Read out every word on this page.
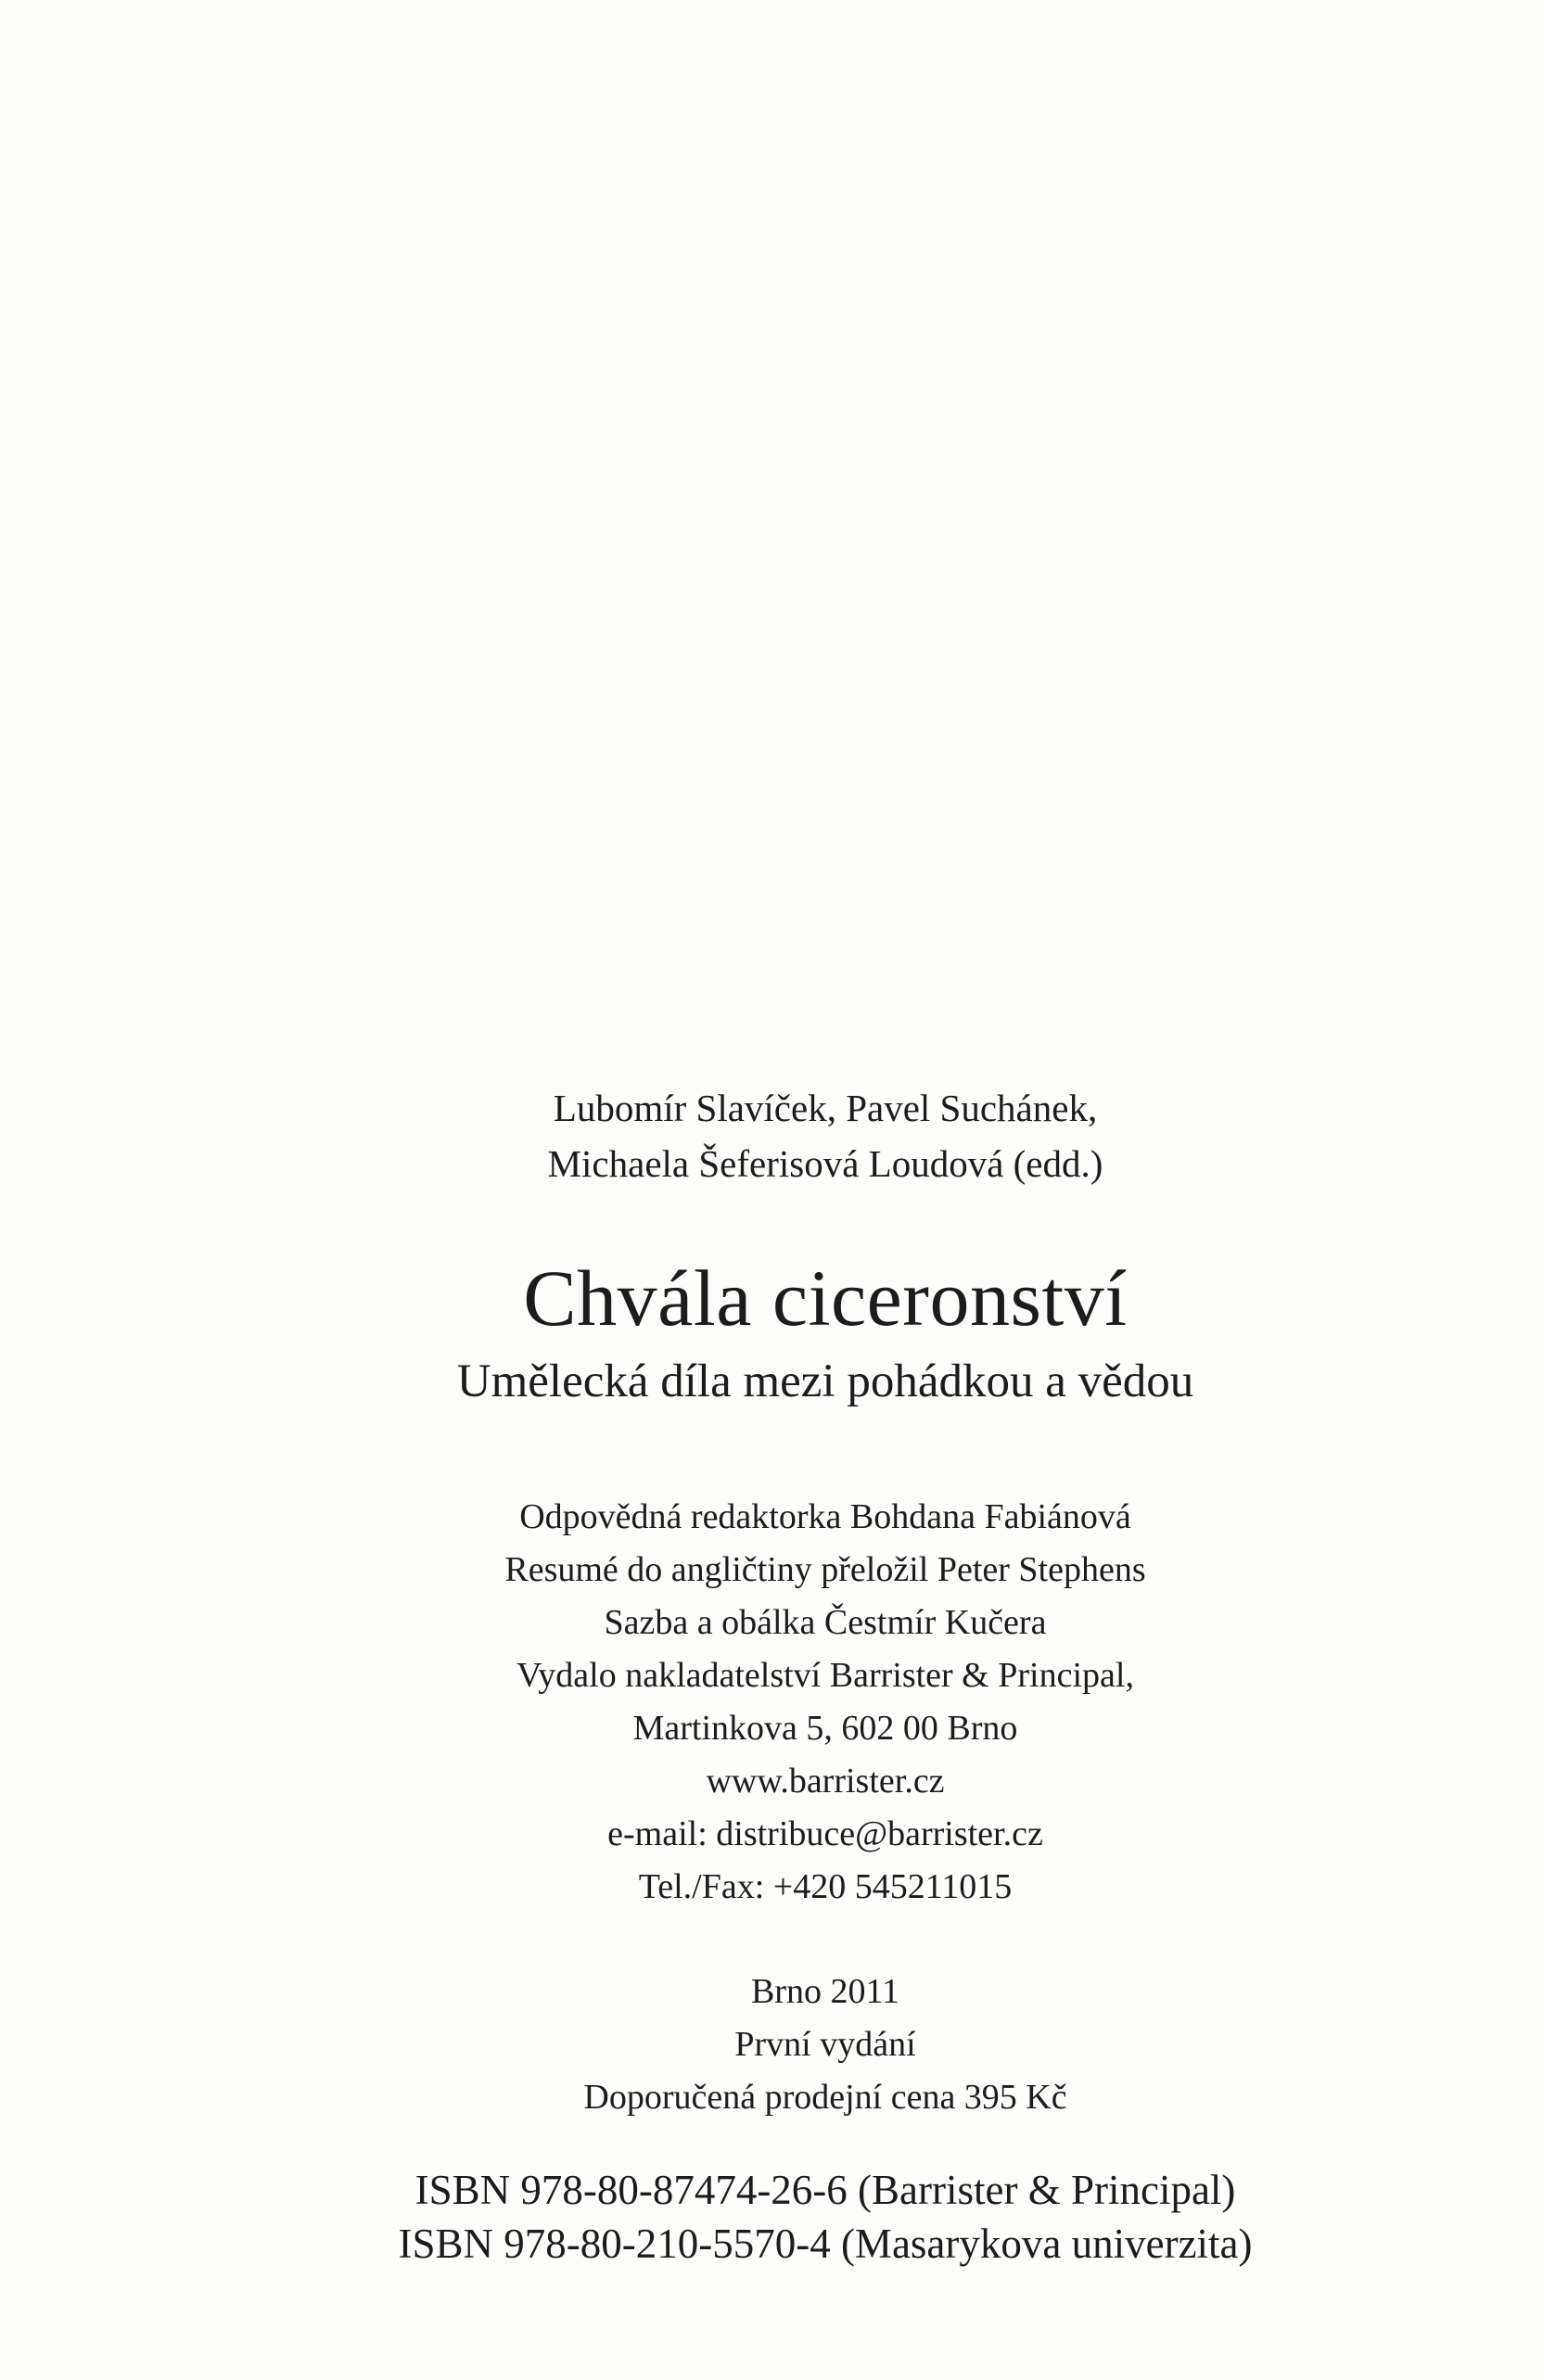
Lubomír Slavíček, Pavel Suchánek,
Michaela Šeferisová Loudová (edd.)
Chvála ciceronství
Umělecká díla mezi pohádkou a vědou
Odpovědná redaktorka Bohdana Fabiánová
Resumé do angličtiny přeložil Peter Stephens
Sazba a obálka Čestmír Kučera
Vydalo nakladatelství Barrister & Principal,
Martinkova 5, 602 00 Brno
www.barrister.cz
e-mail: distribuce@barrister.cz
Tel./Fax: +420 545211015
Brno 2011
První vydání
Doporučená prodejní cena 395 Kč
ISBN 978-80-87474-26-6 (Barrister & Principal)
ISBN 978-80-210-5570-4 (Masarykova univerzita)
